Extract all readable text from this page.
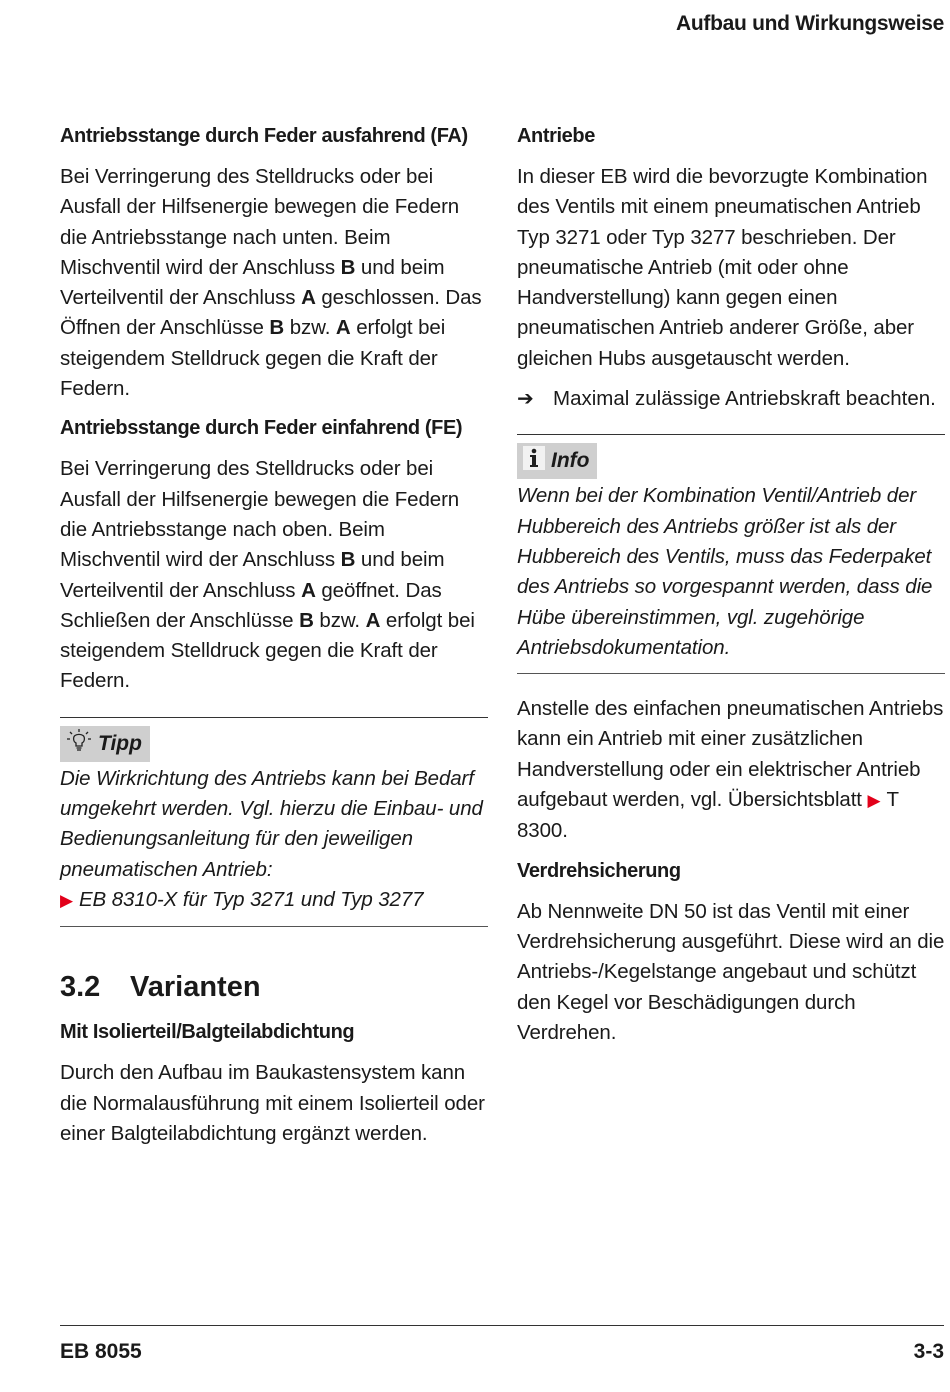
Aufbau und Wirkungsweise
Antriebsstange durch Feder ausfahrend (FA)

Bei Verringerung des Stelldrucks oder bei Ausfall der Hilfsenergie bewegen die Federn die Antriebsstange nach unten. Beim Mischventil wird der Anschluss B und beim Verteilventil der Anschluss A geschlossen. Das Öffnen der Anschlüsse B bzw. A erfolgt bei steigendem Stelldruck gegen die Kraft der Federn.

Antriebsstange durch Feder einfahrend (FE)

Bei Verringerung des Stelldrucks oder bei Ausfall der Hilfsenergie bewegen die Federn die Antriebsstange nach oben. Beim Mischventil wird der Anschluss B und beim Verteilventil der Anschluss A geöffnet. Das Schließen der Anschlüsse B bzw. A erfolgt bei steigendem Stelldruck gegen die Kraft der Federn.

Tipp
Die Wirkrichtung des Antriebs kann bei Bedarf umgekehrt werden. Vgl. hierzu die Einbau- und Bedienungsanleitung für den jeweiligen pneumatischen Antrieb:
▶ EB 8310-X für Typ 3271 und Typ 3277
3.2 Varianten
Mit Isolierteil/Balgteilabdichtung

Durch den Aufbau im Baukastensystem kann die Normalausführung mit einem Isolierteil oder einer Balgteilabdichtung ergänzt werden.

Antriebe

In dieser EB wird die bevorzugte Kombination des Ventils mit einem pneumatischen Antrieb Typ 3271 oder Typ 3277 beschrieben. Der pneumatische Antrieb (mit oder ohne Handverstellung) kann gegen einen pneumatischen Antrieb anderer Größe, aber gleichen Hubs ausgetauscht werden.

➔ Maximal zulässige Antriebskraft beachten.
Info
Wenn bei der Kombination Ventil/Antrieb der Hubbereich des Antriebs größer ist als der Hubbereich des Ventils, muss das Federpaket des Antriebs so vorgespannt werden, dass die Hübe übereinstimmen, vgl. zugehörige Antriebsdokumentation.

Anstelle des einfachen pneumatischen Antriebs kann ein Antrieb mit einer zusätzlichen Handverstellung oder ein elektrischer Antrieb aufgebaut werden, vgl. Übersichtsblatt ▶ T 8300.

Verdrehsicherung

Ab Nennweite DN 50 ist das Ventil mit einer Verdrehsicherung ausgeführt. Diese wird an die Antriebs-/Kegelstange angebaut und schützt den Kegel vor Beschädigungen durch Verdrehen.

EB 8055	3-3
